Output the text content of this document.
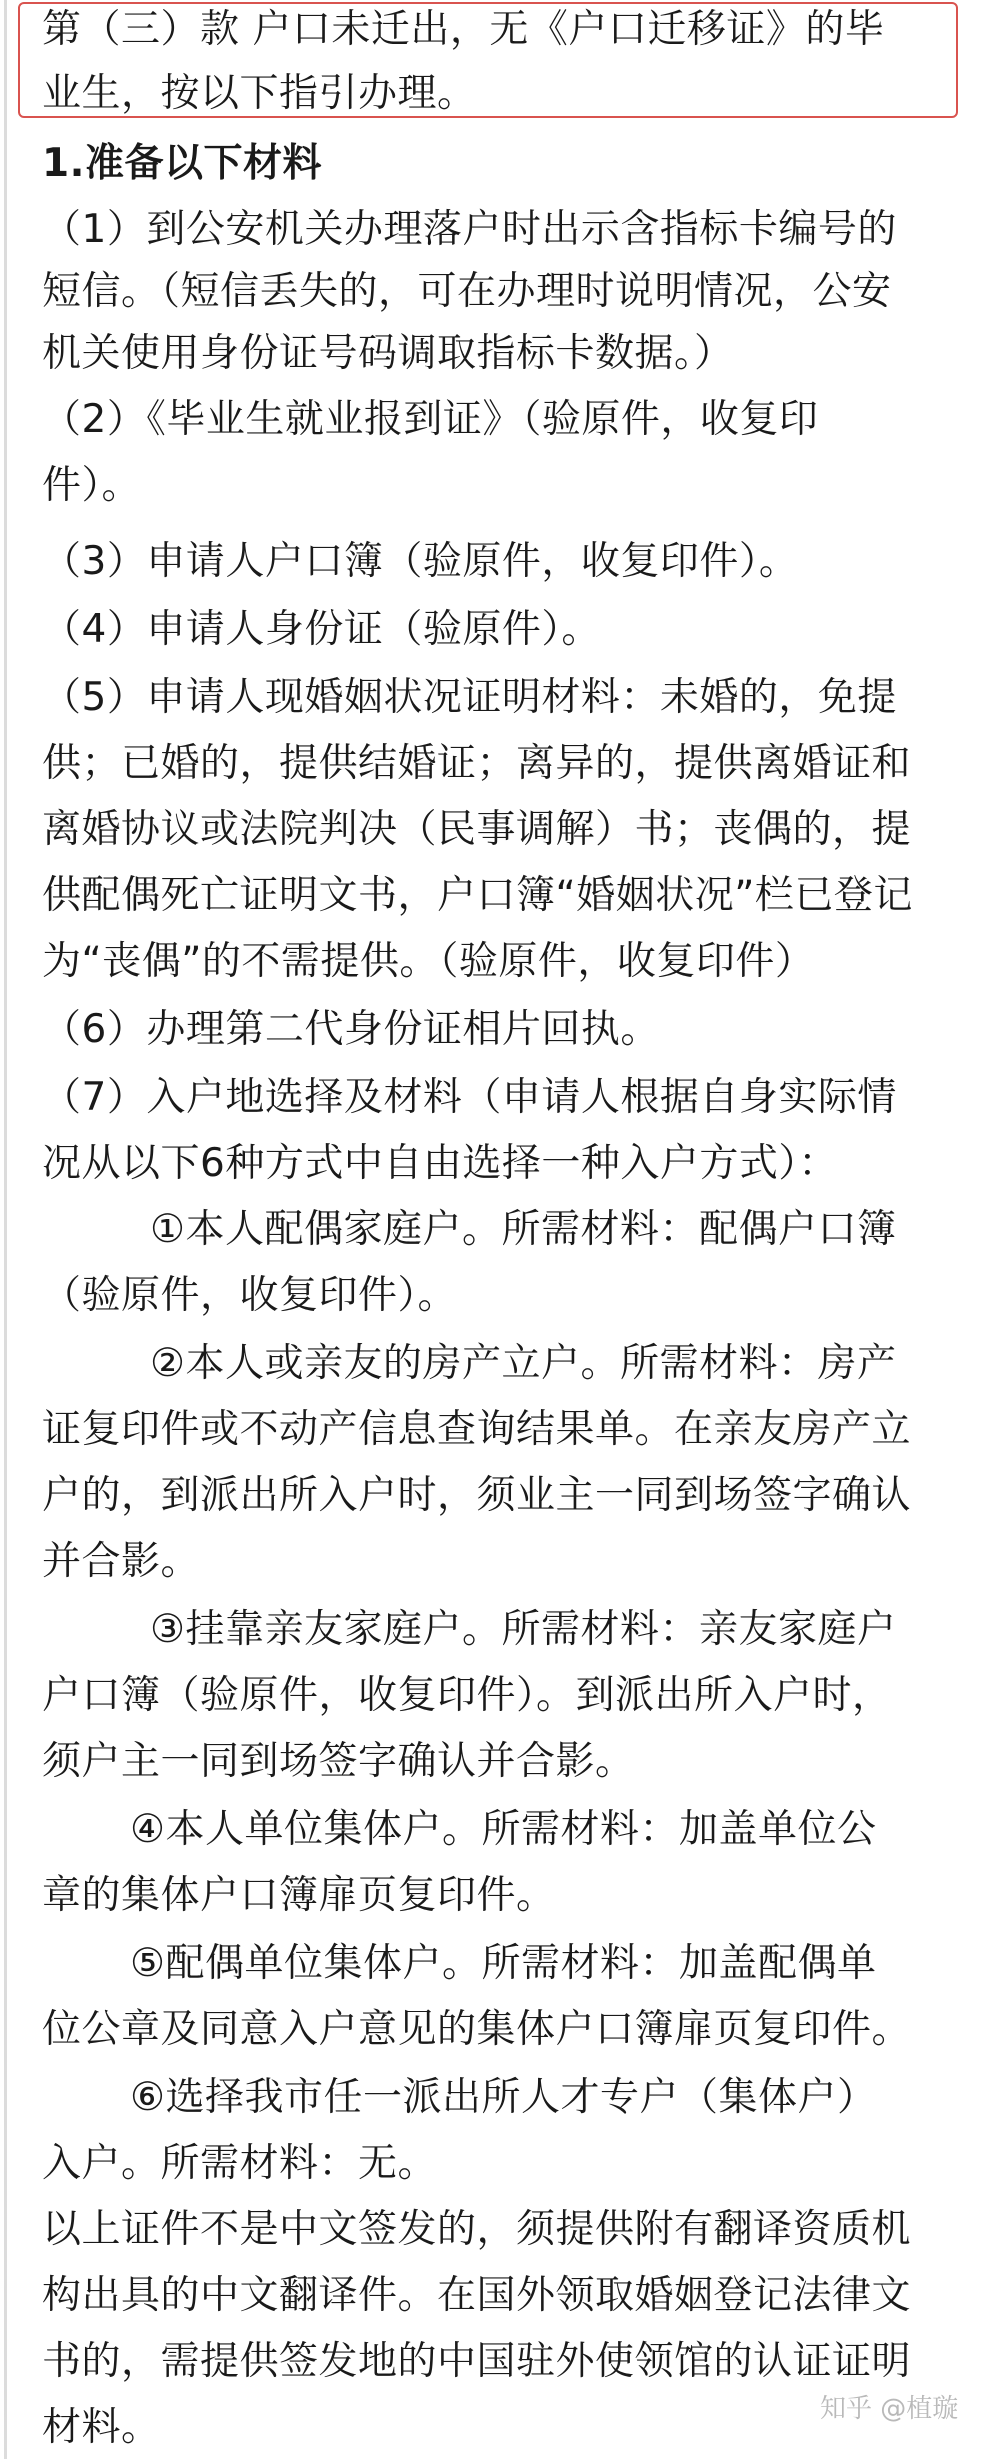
第（三）款 户口未迁出，无《户口迁移证》的毕
业生，按以下指引办理。
1.准备以下材料
（1）到公安机关办理落户时出示含指标卡编号的
短信。（短信丢失的，可在办理时说明情况，公安
机关使用身份证号码调取指标卡数据。）
（2）《毕业生就业报到证》（验原件，收复印
件）。
（3）申请人户口簿（验原件，收复印件）。
（4）申请人身份证（验原件）。
（5）申请人现婚姻状况证明材料：未婚的，免提
供；已婚的，提供结婚证；离异的，提供离婚证和
离婚协议或法院判决（民事调解）书；丧偶的，提
供配偶死亡证明文书，户口簿“婚姻状况”栏已登记
为“丧偶”的不需提供。（验原件，收复印件）
（6）办理第二代身份证相片回执。
（7）入户地选择及材料（申请人根据自身实际情
况从以下6种方式中自由选择一种入户方式）：
①本人配偶家庭户。所需材料：配偶户口簿
（验原件，收复印件）。
②本人或亲友的房产立户。所需材料：房产
证复印件或不动产信息查询结果单。在亲友房产立
户的，到派出所入户时，须业主一同到场签字确认
并合影。
③挂靠亲友家庭户。所需材料：亲友家庭户
户口簿（验原件，收复印件）。到派出所入户时，
须户主一同到场签字确认并合影。
④本人单位集体户。所需材料：加盖单位公
章的集体户口簿扉页复印件。
⑤配偶单位集体户。所需材料：加盖配偶单
位公章及同意入户意见的集体户口簿扉页复印件。
⑥选择我市任一派出所人才专户（集体户）
入户。所需材料：无。
以上证件不是中文签发的，须提供附有翻译资质机
构出具的中文翻译件。在国外领取婚姻登记法律文
书的，需提供签发地的中国驻外使领馆的认证证明
材料。	知乎 @植璇
